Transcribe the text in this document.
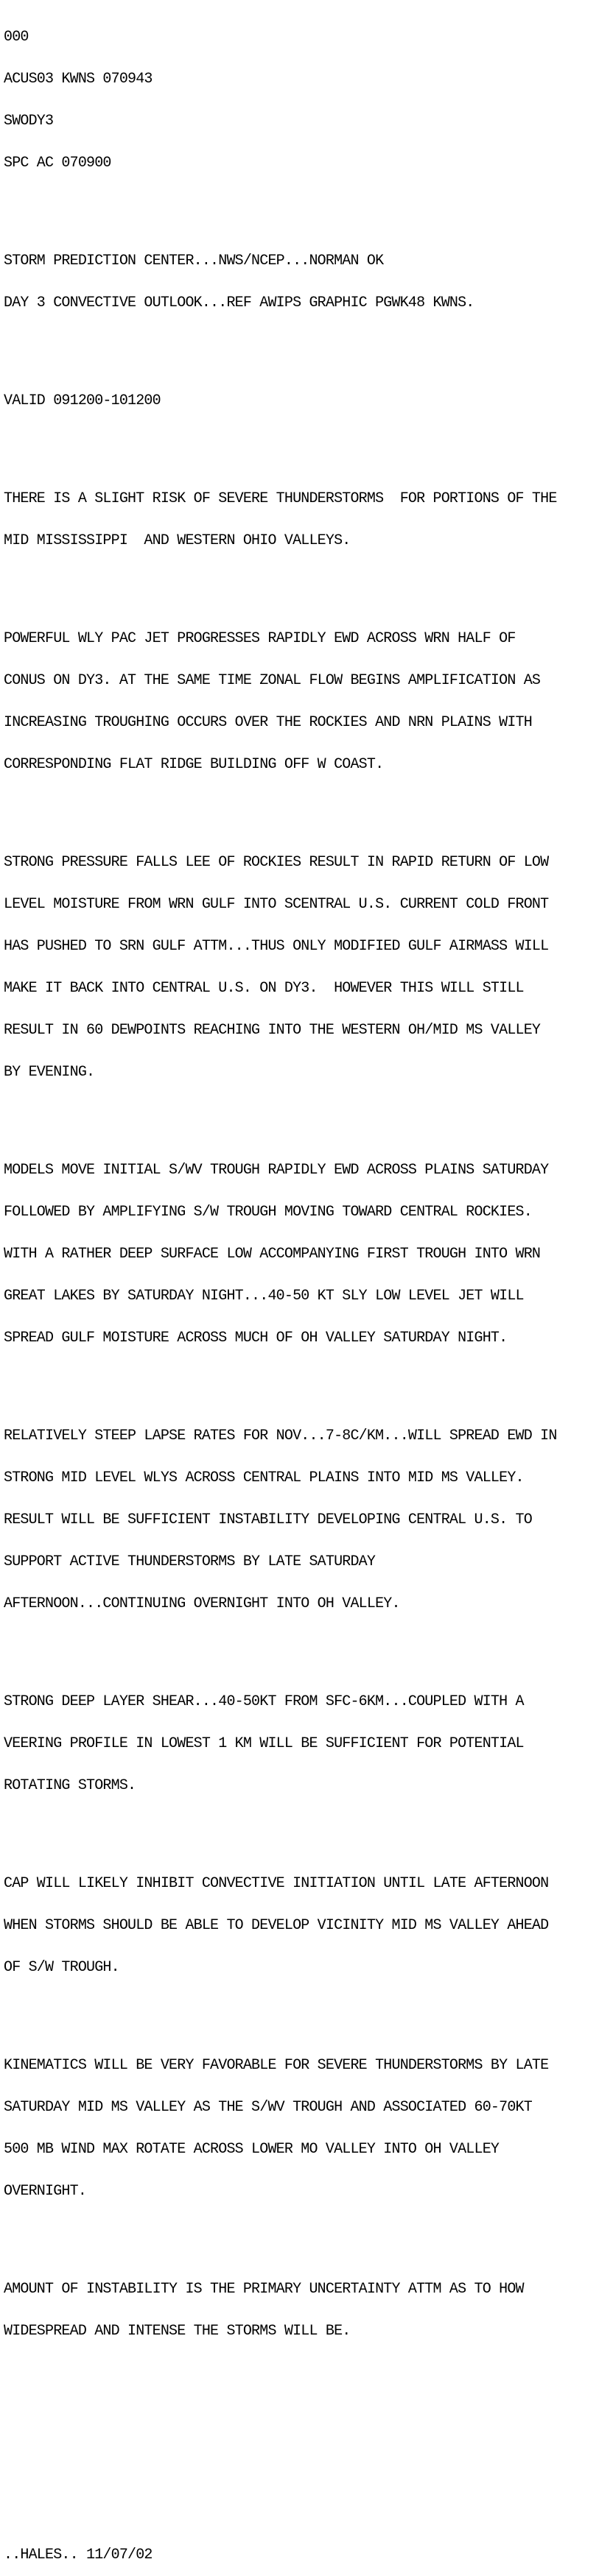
000

ACUS03 KWNS 070943

SWODY3

SPC AC 070900

STORM PREDICTION CENTER...NWS/NCEP...NORMAN OK

DAY 3 CONVECTIVE OUTLOOK...REF AWIPS GRAPHIC PGWK48 KWNS.

VALID 091200-101200

THERE IS A SLIGHT RISK OF SEVERE THUNDERSTORMS  FOR PORTIONS OF THE

MID MISSISSIPPI  AND WESTERN OHIO VALLEYS.

POWERFUL WLY PAC JET PROGRESSES RAPIDLY EWD ACROSS WRN HALF OF

CONUS ON DY3. AT THE SAME TIME ZONAL FLOW BEGINS AMPLIFICATION AS

INCREASING TROUGHING OCCURS OVER THE ROCKIES AND NRN PLAINS WITH

CORRESPONDING FLAT RIDGE BUILDING OFF W COAST.

STRONG PRESSURE FALLS LEE OF ROCKIES RESULT IN RAPID RETURN OF LOW

LEVEL MOISTURE FROM WRN GULF INTO SCENTRAL U.S. CURRENT COLD FRONT

HAS PUSHED TO SRN GULF ATTM...THUS ONLY MODIFIED GULF AIRMASS WILL

MAKE IT BACK INTO CENTRAL U.S. ON DY3.  HOWEVER THIS WILL STILL

RESULT IN 60 DEWPOINTS REACHING INTO THE WESTERN OH/MID MS VALLEY

BY EVENING.

MODELS MOVE INITIAL S/WV TROUGH RAPIDLY EWD ACROSS PLAINS SATURDAY

FOLLOWED BY AMPLIFYING S/W TROUGH MOVING TOWARD CENTRAL ROCKIES.

WITH A RATHER DEEP SURFACE LOW ACCOMPANYING FIRST TROUGH INTO WRN

GREAT LAKES BY SATURDAY NIGHT...40-50 KT SLY LOW LEVEL JET WILL

SPREAD GULF MOISTURE ACROSS MUCH OF OH VALLEY SATURDAY NIGHT.

RELATIVELY STEEP LAPSE RATES FOR NOV...7-8C/KM...WILL SPREAD EWD IN

STRONG MID LEVEL WLYS ACROSS CENTRAL PLAINS INTO MID MS VALLEY.

RESULT WILL BE SUFFICIENT INSTABILITY DEVELOPING CENTRAL U.S. TO

SUPPORT ACTIVE THUNDERSTORMS BY LATE SATURDAY

AFTERNOON...CONTINUING OVERNIGHT INTO OH VALLEY.

STRONG DEEP LAYER SHEAR...40-50KT FROM SFC-6KM...COUPLED WITH A

VEERING PROFILE IN LOWEST 1 KM WILL BE SUFFICIENT FOR POTENTIAL

ROTATING STORMS.

CAP WILL LIKELY INHIBIT CONVECTIVE INITIATION UNTIL LATE AFTERNOON

WHEN STORMS SHOULD BE ABLE TO DEVELOP VICINITY MID MS VALLEY AHEAD

OF S/W TROUGH.

KINEMATICS WILL BE VERY FAVORABLE FOR SEVERE THUNDERSTORMS BY LATE

SATURDAY MID MS VALLEY AS THE S/WV TROUGH AND ASSOCIATED 60-70KT

500 MB WIND MAX ROTATE ACROSS LOWER MO VALLEY INTO OH VALLEY

OVERNIGHT.

AMOUNT OF INSTABILITY IS THE PRIMARY UNCERTAINTY ATTM AS TO HOW

WIDESPREAD AND INTENSE THE STORMS WILL BE.

..HALES.. 11/07/02
